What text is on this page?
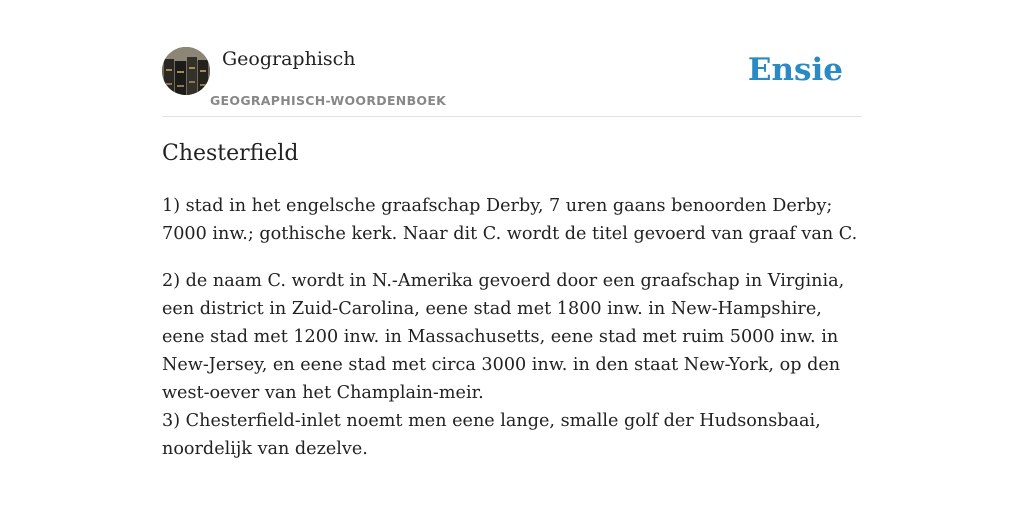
Geographisch
GEOGRAPHISCH-WOORDENBOEK
Ensie
Chesterfield

1) stad in het engelsche graafschap Derby, 7 uren gaans benoorden Derby; 7000 inw.; gothische kerk. Naar dit C. wordt de titel gevoerd van graaf van C.

2) de naam C. wordt in N.-Amerika gevoerd door een graafschap in Virginia, een district in Zuid-Carolina, eene stad met 1800 inw. in New-Hampshire, eene stad met 1200 inw. in Massachusetts, eene stad met ruim 5000 inw. in New-Jersey, en eene stad met circa 3000 inw. in den staat New-York, op den west-oever van het Champlain-meir.

3) Chesterfield-inlet noemt men eene lange, smalle golf der Hudsonsbaai, noordelijk van dezelve.
